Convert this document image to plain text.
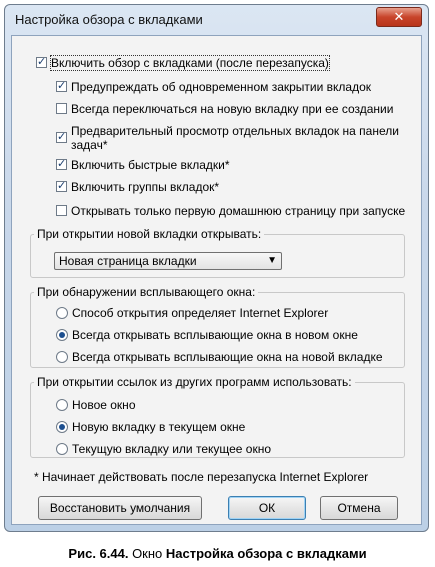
Настройка обзора с вкладками	✕
✓ Включить обзор с вкладками (после перезапуска)
✓ Предупреждать об одновременном закрытии вкладок
Всегда переключаться на новую вкладку при ее создании
✓ Предварительный просмотр отдельных вкладок на панели
задач*
✓ Включить быстрые вкладки*
✓ Включить группы вкладок*
Открывать только первую домашнюю страницу при запуске
При открытии новой вкладки открывать:
Новая страница вкладки	▼
При обнаружении всплывающего окна:
Способ открытия определяет Internet Explorer
Всегда открывать всплывающие окна в новом окне
Всегда открывать всплывающие окна на новой вкладке
При открытии ссылок из других программ использовать:
Новое окно
Новую вкладку в текущем окне
Текущую вкладку или текущее окно
* Начинает действовать после перезапуска Internet Explorer
Восстановить умолчания	ОК	Отмена
Рис. 6.44. Окно Настройка обзора с вкладками
